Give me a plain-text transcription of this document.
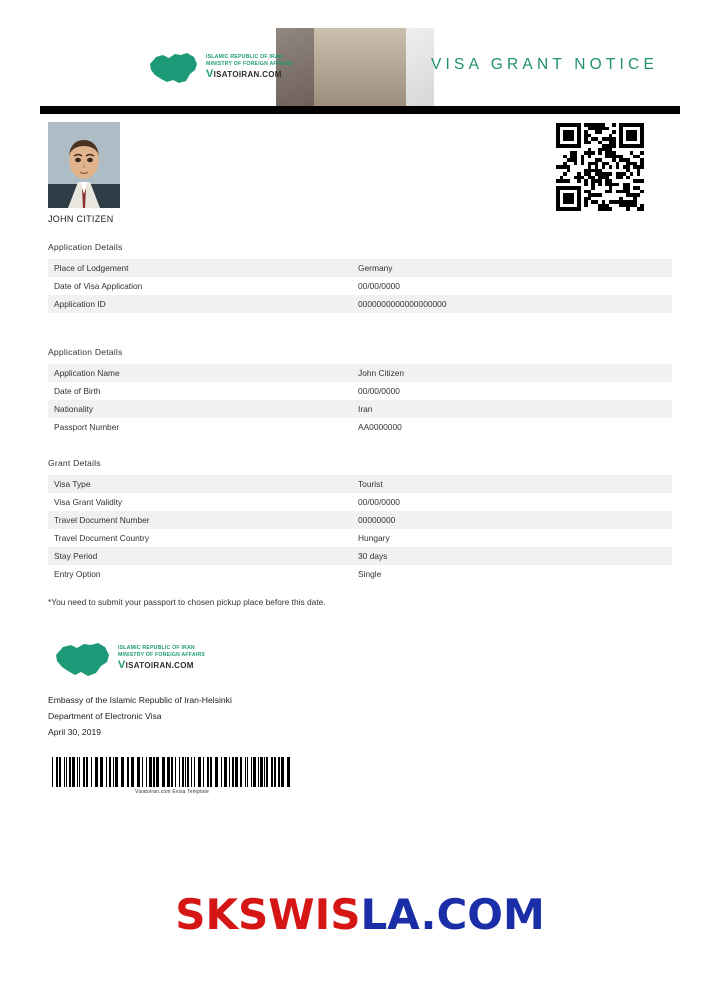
ISLAMIC REPUBLIC OF IRAN
MINISTRY OF FOREIGN AFFAIRS
VISATOIRAN.COM
VISA GRANT NOTICE
JOHN CITIZEN
Application Details
Place of Lodgement	Germany
Date of Visa Application	00/00/0000
Application ID	0000000000000000000
Application Details
Application Name	John Citizen
Date of Birth	00/00/0000
Nationality	Iran
Passport Number	AA0000000
Grant Details
Visa Type	Tourist
Visa Grant Validity	00/00/0000
Travel Document Number	00000000
Travel Document Country	Hungary
Stay Period	30 days
Entry Option	Single
*You need to submit your passport to chosen pickup place before this date.
ISLAMIC REPUBLIC OF IRAN
MINISTRY OF FOREIGN AFFAIRS
VISATOIRAN.COM
Embassy of the Islamic Republic of Iran-Helsinki
Department of Electronic Visa
April 30, 2019
Visatoiran.com Evisa Template
SKSWISLA.COM
